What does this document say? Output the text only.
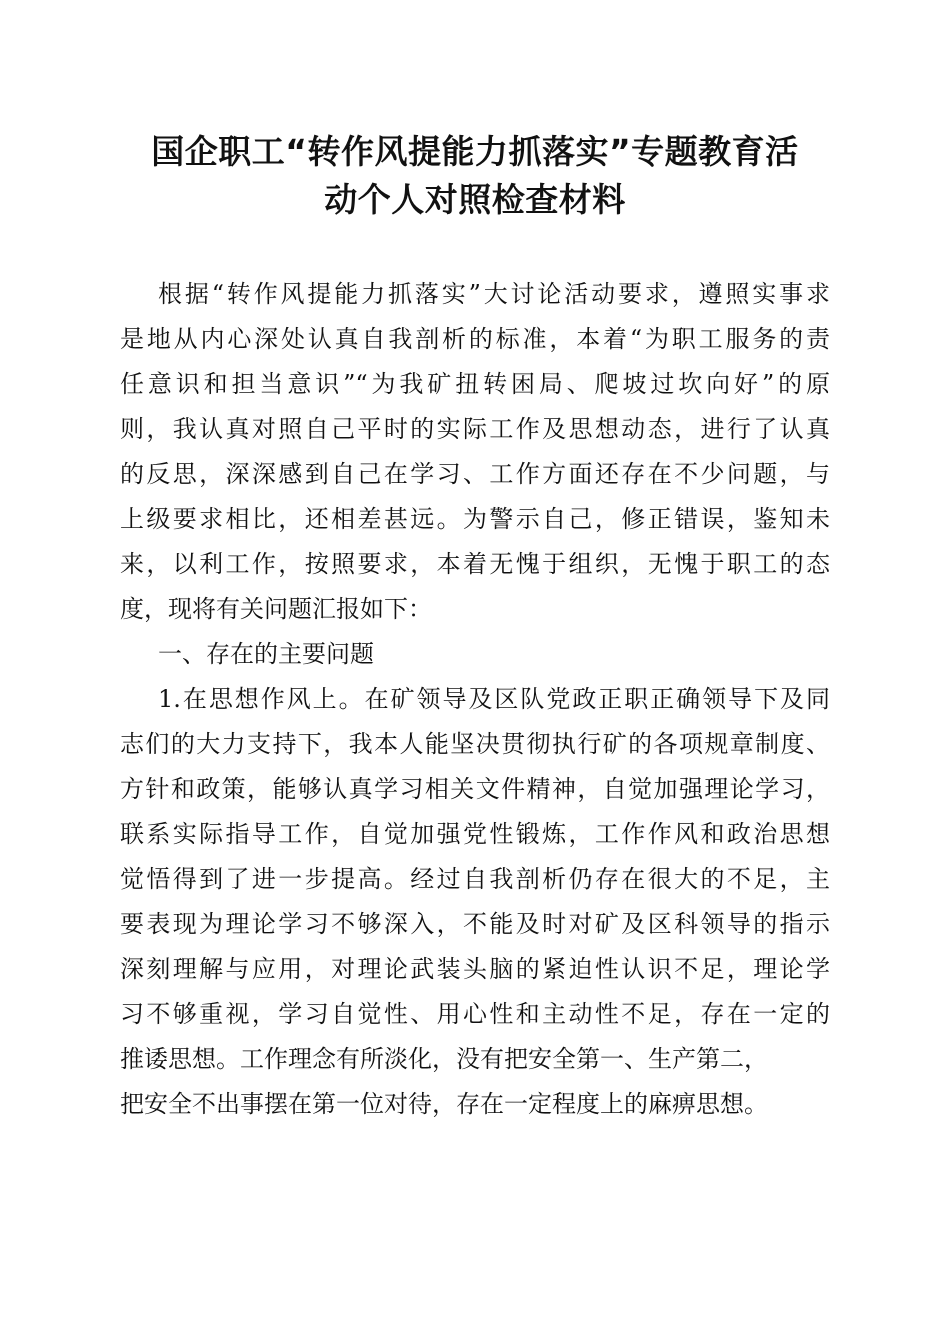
国企职工“转作风提能力抓落实”专题教育活
动个人对照检查材料
根据“转作风提能力抓落实”大讨论活动要求，遵照实事求
是地从内心深处认真自我剖析的标准，本着“为职工服务的责
任意识和担当意识”“为我矿扭转困局、爬坡过坎向好”的原
则，我认真对照自己平时的实际工作及思想动态，进行了认真
的反思，深深感到自己在学习、工作方面还存在不少问题，与
上级要求相比，还相差甚远。为警示自己，修正错误，鉴知未
来，以利工作，按照要求，本着无愧于组织，无愧于职工的态
度，现将有关问题汇报如下：
一、存在的主要问题
1.在思想作风上。在矿领导及区队党政正职正确领导下及同
志们的大力支持下，我本人能坚决贯彻执行矿的各项规章制度、
方针和政策，能够认真学习相关文件精神，自觉加强理论学习，
联系实际指导工作，自觉加强党性锻炼，工作作风和政治思想
觉悟得到了进一步提高。经过自我剖析仍存在很大的不足，主
要表现为理论学习不够深入，不能及时对矿及区科领导的指示
深刻理解与应用，对理论武装头脑的紧迫性认识不足，理论学
习不够重视，学习自觉性、用心性和主动性不足，存在一定的
推诿思想。工作理念有所淡化，没有把安全第一、生产第二，
把安全不出事摆在第一位对待，存在一定程度上的麻痹思想。
